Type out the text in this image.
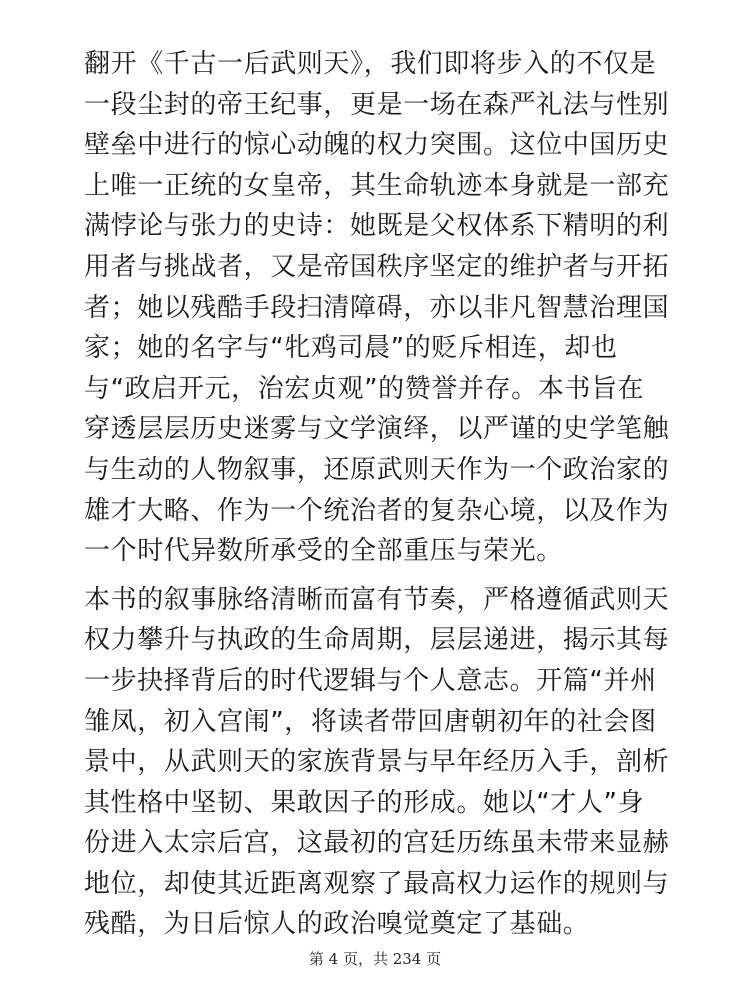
翻开《千古一后武则天》，我们即将步入的不仅是
一段尘封的帝王纪事，更是一场在森严礼法与性别
壁垒中进行的惊心动魄的权力突围。这位中国历史
上唯一正统的女皇帝，其生命轨迹本身就是一部充
满悖论与张力的史诗：她既是父权体系下精明的利
用者与挑战者，又是帝国秩序坚定的维护者与开拓
者；她以残酷手段扫清障碍，亦以非凡智慧治理国
家；她的名字与“牝鸡司晨”的贬斥相连，却也
与“政启开元，治宏贞观”的赞誉并存。本书旨在
穿透层层历史迷雾与文学演绎，以严谨的史学笔触
与生动的人物叙事，还原武则天作为一个政治家的
雄才大略、作为一个统治者的复杂心境，以及作为
一个时代异数所承受的全部重压与荣光。

本书的叙事脉络清晰而富有节奏，严格遵循武则天
权力攀升与执政的生命周期，层层递进，揭示其每
一步抉择背后的时代逻辑与个人意志。开篇“并州
雏凤，初入宫闱”，将读者带回唐朝初年的社会图
景中，从武则天的家族背景与早年经历入手，剖析
其性格中坚韧、果敢因子的形成。她以“才人”身
份进入太宗后宫，这最初的宫廷历练虽未带来显赫
地位，却使其近距离观察了最高权力运作的规则与
残酷，为日后惊人的政治嗅觉奠定了基础。

第 4 页，共 234 页
